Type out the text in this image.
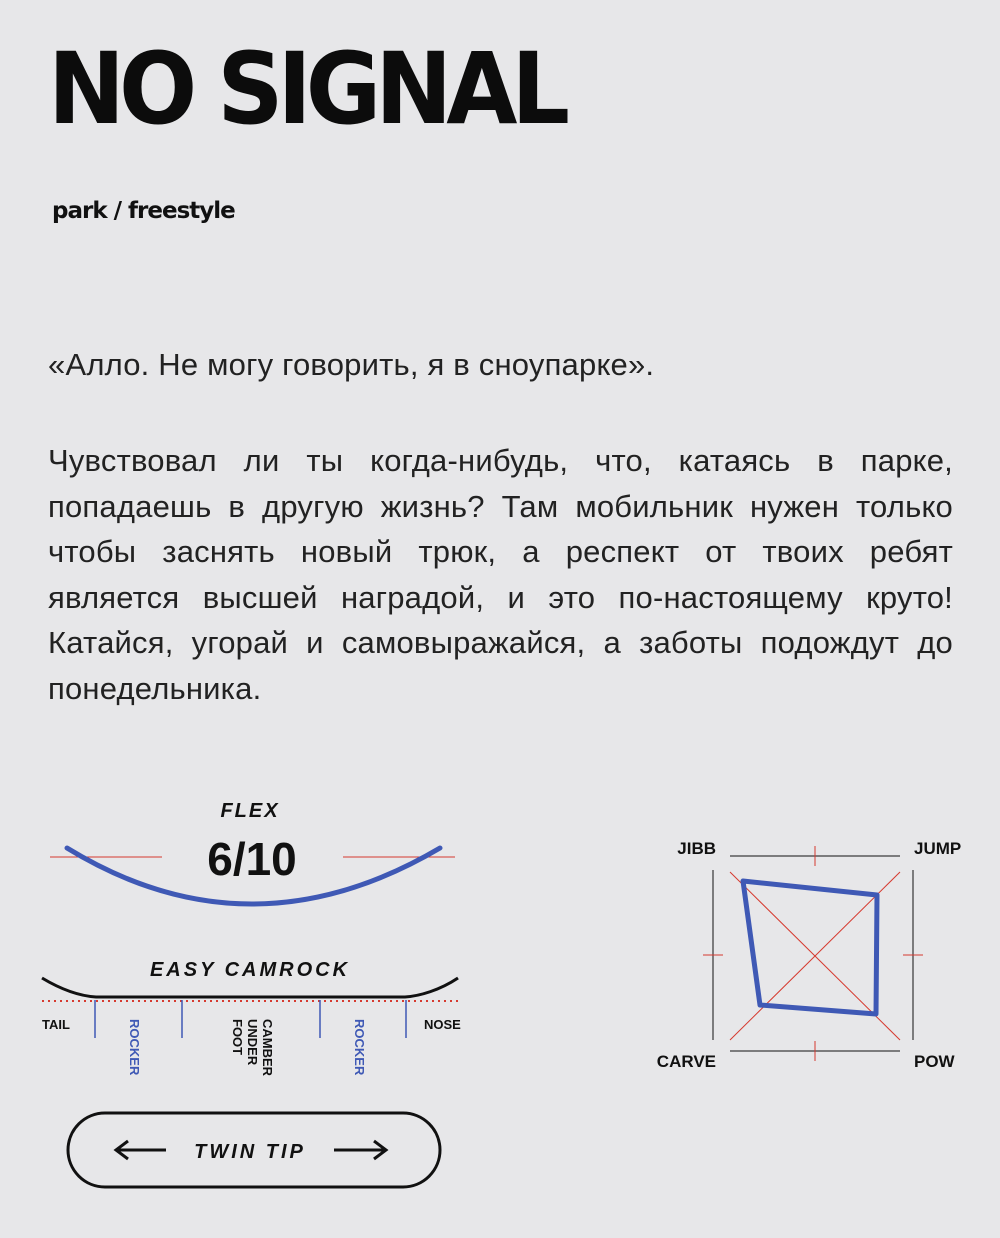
NO SIGNAL
park / freestyle

«Алло. Не могу говорить, я в сноупарке».

Чувствовал ли ты когда-нибудь, что, катаясь в парке, попадаешь в другую жизнь? Там мобильник нужен только чтобы заснять новый трюк, а респект от твоих ребят является высшей наградой, и это по-настоящему круто! Катайся, угорай и самовыражайся, а заботы подождут до понедельника.

FLEX
6/10
EASY CAMROCK
TAIL	NOSE
ROCKER	ROCKER
CAMBER
UNDER
FOOT
TWIN TIP
JIBB	JUMP
CARVE	POW
